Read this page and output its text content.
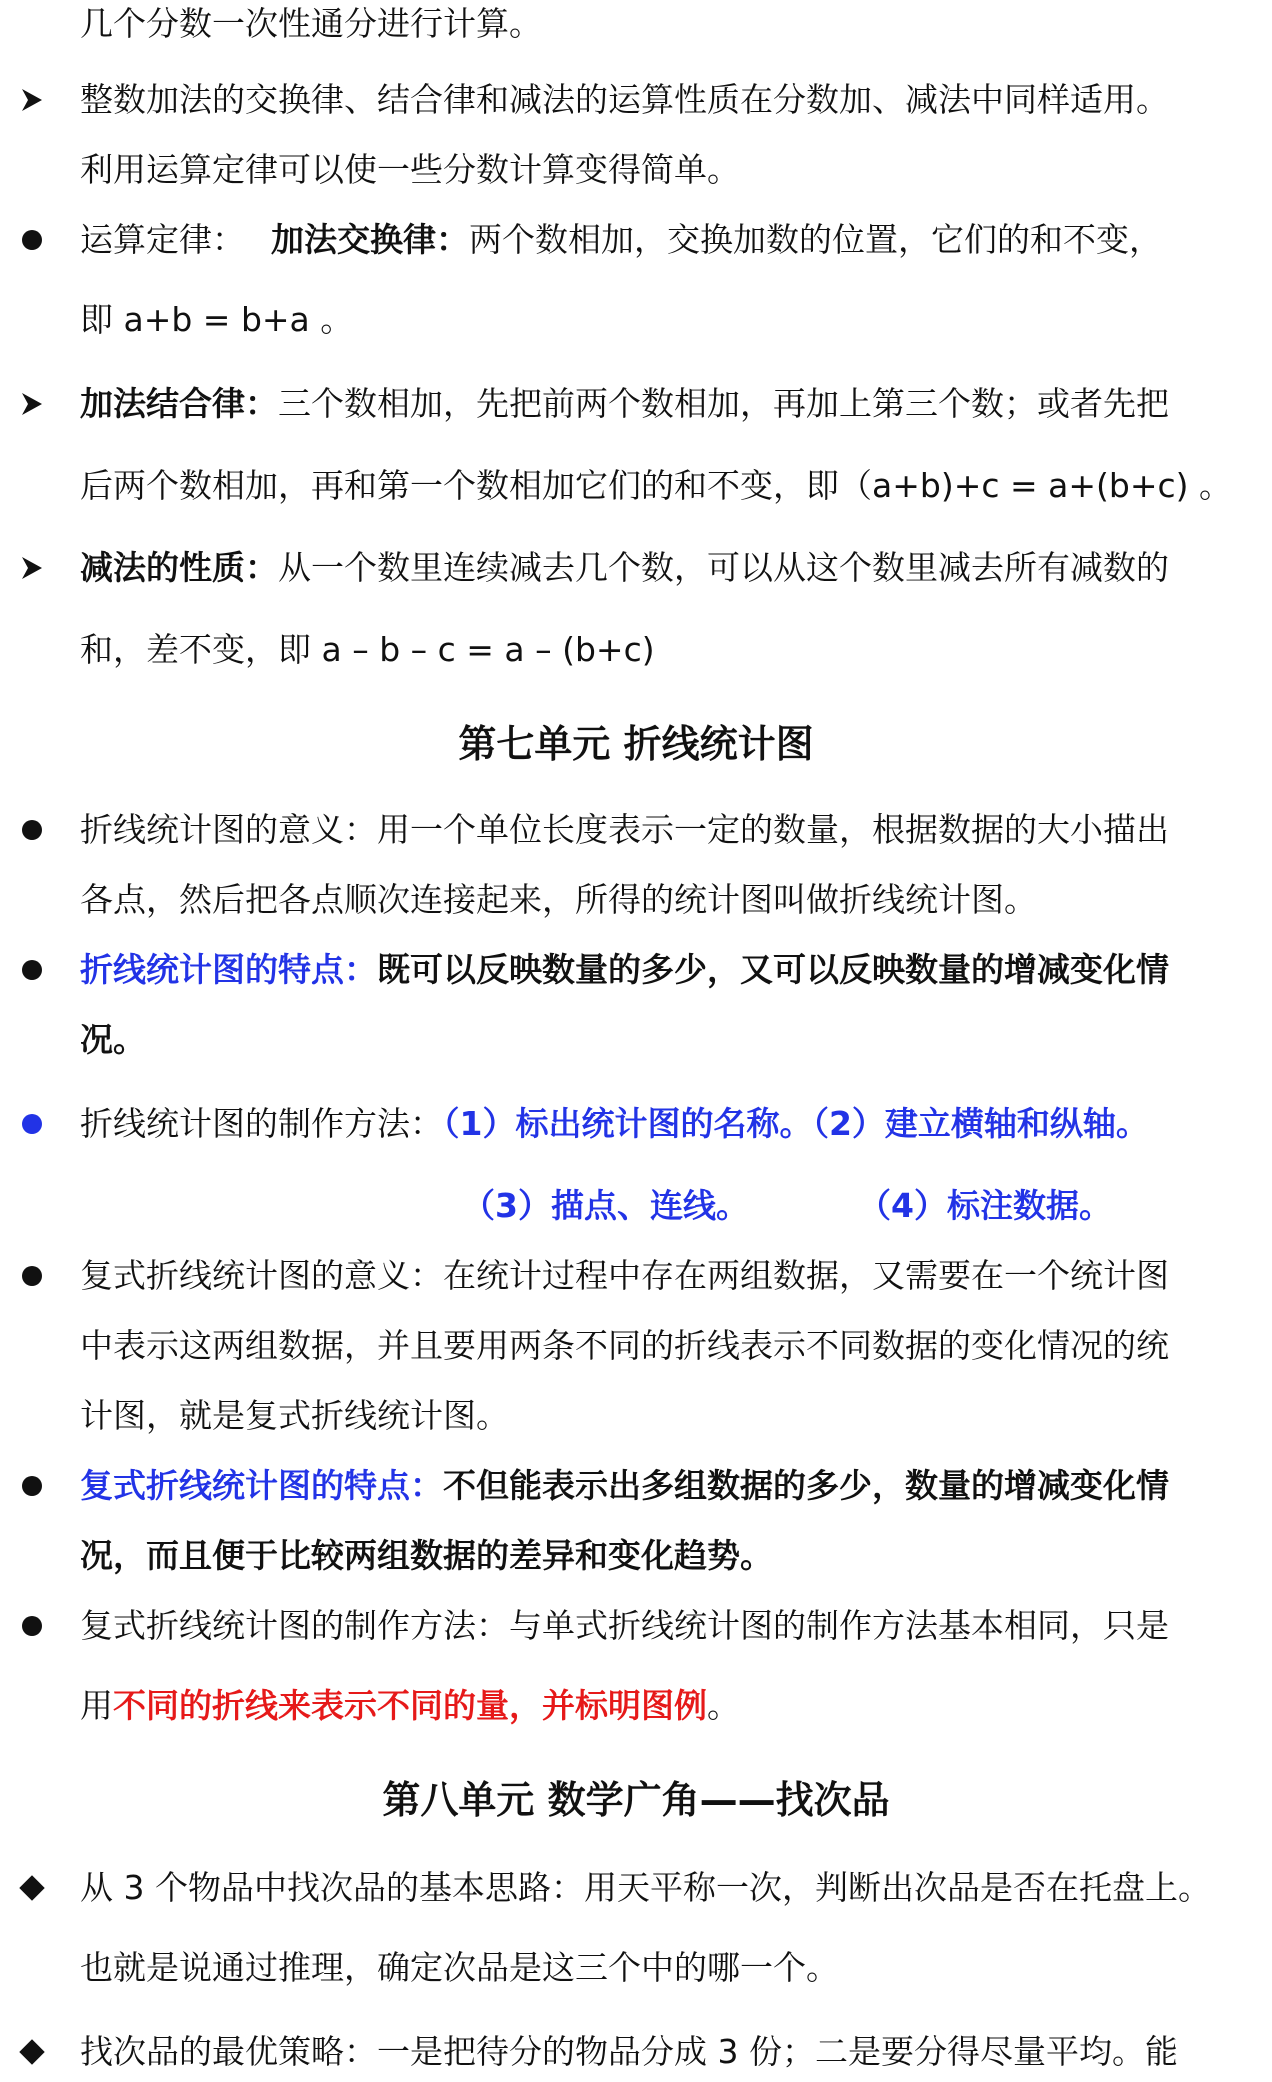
几个分数一次性通分进行计算。
整数加法的交换律、结合律和减法的运算性质在分数加、减法中同样适用。
利用运算定律可以使一些分数计算变得简单。
运算定律： 加法交换律：两个数相加，交换加数的位置，它们的和不变，
即 a+b = b+a 。
加法结合律：三个数相加，先把前两个数相加，再加上第三个数；或者先把
后两个数相加，再和第一个数相加它们的和不变，即（a+b)+c = a+(b+c) 。
减法的性质：从一个数里连续减去几个数，可以从这个数里减去所有减数的
和，差不变，即 a – b – c = a – (b+c)
第七单元 折线统计图
折线统计图的意义：用一个单位长度表示一定的数量，根据数据的大小描出
各点，然后把各点顺次连接起来，所得的统计图叫做折线统计图。
折线统计图的特点：既可以反映数量的多少，又可以反映数量的增减变化情
况。
折线统计图的制作方法：（1）标出统计图的名称。（2）建立横轴和纵轴。
（3）描点、连线。	（4）标注数据。
复式折线统计图的意义：在统计过程中存在两组数据，又需要在一个统计图
中表示这两组数据，并且要用两条不同的折线表示不同数据的变化情况的统
计图，就是复式折线统计图。
复式折线统计图的特点：不但能表示出多组数据的多少，数量的增减变化情
况，而且便于比较两组数据的差异和变化趋势。
复式折线统计图的制作方法：与单式折线统计图的制作方法基本相同，只是
用不同的折线来表示不同的量，并标明图例。
第八单元 数学广角——找次品
从 3 个物品中找次品的基本思路：用天平称一次，判断出次品是否在托盘上。
也就是说通过推理，确定次品是这三个中的哪一个。
找次品的最优策略：一是把待分的物品分成 3 份；二是要分得尽量平均。能
